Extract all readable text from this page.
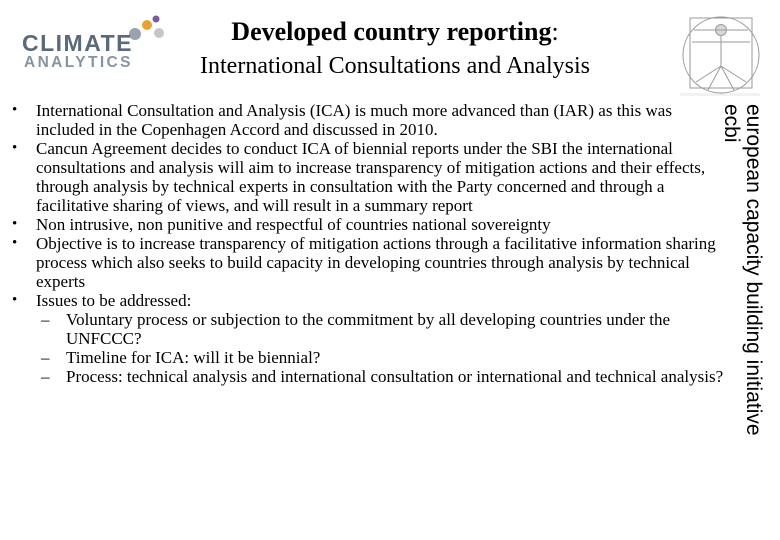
CLIMATE
ANALYTICS
Developed country reporting:
International Consultations and Analysis
european capacity building initiative
ecbi
• International Consultation and Analysis (ICA) is much more advanced than (IAR) as this was included in the Copenhagen Accord and discussed in 2010.
• Cancun Agreement decides to conduct ICA of biennial reports under the SBI the international consultations and analysis will aim to increase transparency of mitigation actions and their effects, through analysis by technical experts in consultation with the Party concerned and through a facilitative sharing of views, and will result in a summary report
• Non intrusive, non punitive and respectful of countries national sovereignty
• Objective is to increase transparency of mitigation actions through a facilitative information sharing process which also seeks to build capacity in developing countries through analysis by technical experts
• Issues to be addressed:
– Voluntary process or subjection to the commitment by all developing countries under the UNFCCC?
– Timeline for ICA: will it be biennial?
– Process: technical analysis and international consultation or international and technical analysis?
